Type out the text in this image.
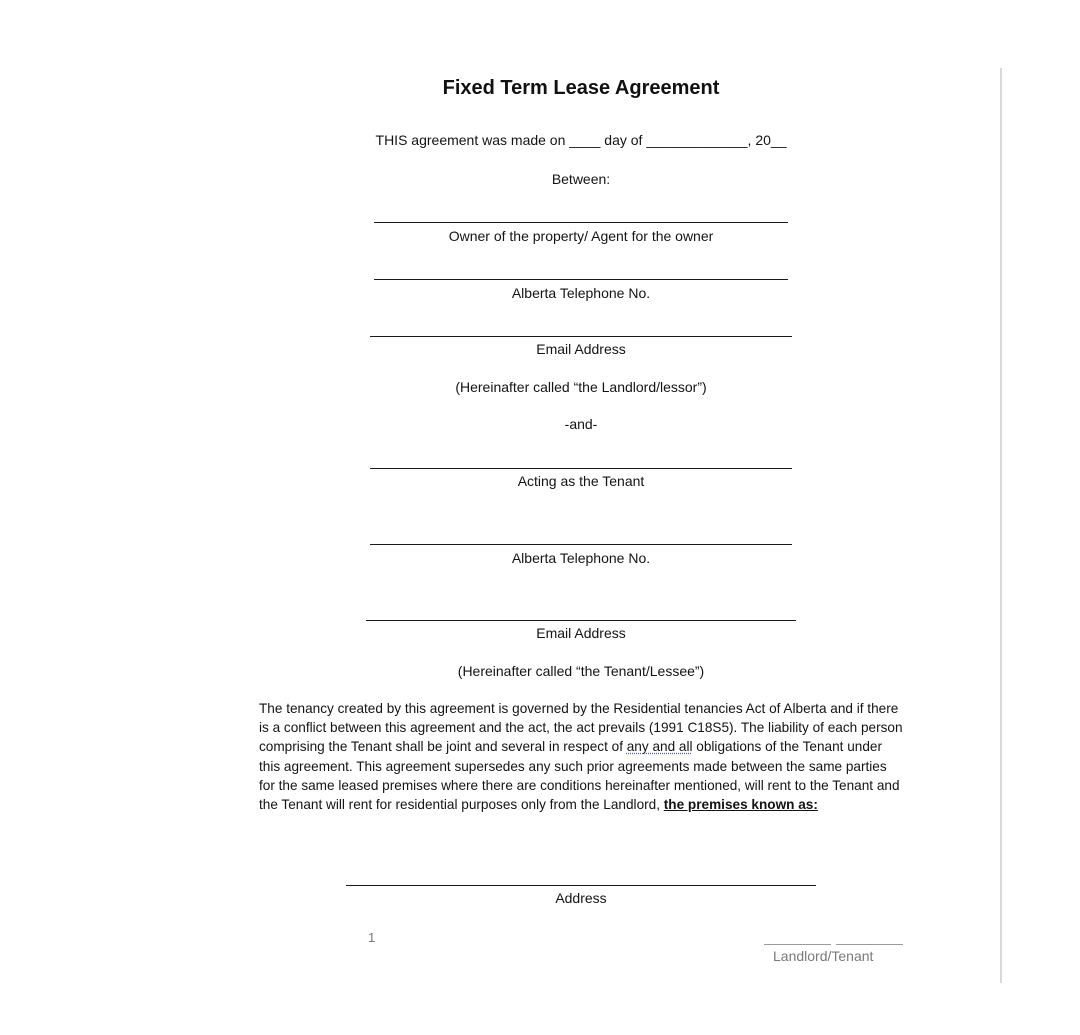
Fixed Term Lease Agreement
THIS agreement was made on ____ day of _____________, 20__
Between:
Owner of the property/ Agent for the owner
Alberta Telephone No.
Email Address
(Hereinafter called “the Landlord/lessor”)
-and-
Acting as the Tenant
Alberta Telephone No.
Email Address
(Hereinafter called “the Tenant/Lessee”)
The tenancy created by this agreement is governed by the Residential tenancies Act of Alberta and if there is a conflict between this agreement and the act, the act prevails (1991 C18S5). The liability of each person comprising the Tenant shall be joint and several in respect of any and all obligations of the Tenant under this agreement. This agreement supersedes any such prior agreements made between the same parties for the same leased premises where there are conditions hereinafter mentioned, will rent to the Tenant and the Tenant will rent for residential purposes only from the Landlord, the premises known as:
Address
1
Landlord/Tenant
